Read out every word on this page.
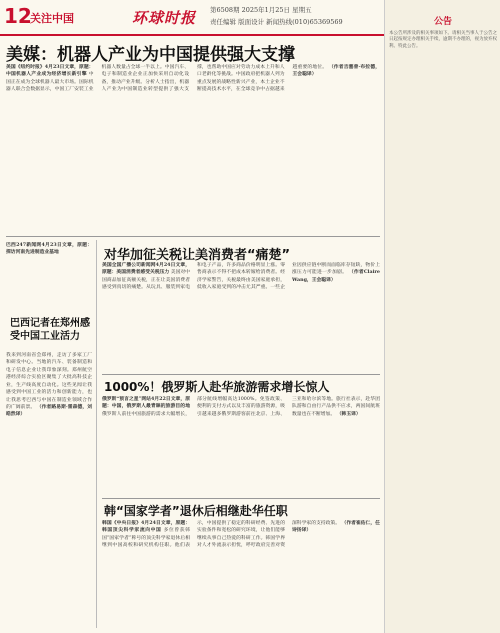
12
关注中国	环球时报 第6508期 2025年1月25日 星期五
责任编辑 版面设计 新闻热线(010)65369569	公告
本公告所涉及的相关事项如下。请相关当事人于公告之日起按规定办理相关手续，逾期不办理的，视为放弃权利。特此公告。
美媒：机器人产业为中国提供强大支撑
美国《纽约时报》4月23日文章，原题：中国机器人产业成为经济增长新引擎 中国正在成为全球机器人最大市场。国际机器人联合会数据显示，中国工厂安装工业机器人数量占全球一半以上。中国汽车、电子和制造业企业正加快采用自动化设备，推动产业升级。分析人士指出，机器人产业为中国制造业转型提供了强大支撑，也帮助中国应对劳动力成本上升和人口老龄化等挑战。中国政府把机器人列为重点发展的战略性新兴产业，本土企业不断提高技术水平，在全球竞争中占据越来越重要的地位。 （作者吉塞普·布拉德，王会聪译）
巴西247新闻网4月23日文章，原题：探访河南先进制造业基地
巴西记者在郑州感受中国工业活力
我来到河南省会郑州，走访了多家工厂和研发中心。当地的汽车、装备制造和电子信息企业让我印象深刻。郑州航空港经济综合实验区聚集了大批高科技企业，生产线高度自动化。这些见闻让我感受到中国工业的活力和创新能力，也让我思考巴西与中国在制造业领域合作的广阔前景。 （作者路易斯·雷森德，刘皓然译）
对华加征关税让美消费者“痛楚”
美国全国广播公司新闻网4月24日文章，原题：美国消费者感受关税压力 美国对中国商品加征高额关税，正在让美国消费者感受到真切的痛楚。从玩具、服装到家电和电子产品，许多商品价格明显上涨。零售商表示不得不把成本转嫁给消费者。经济学家警告，关税最终由美国家庭承担，低收入家庭受到的冲击尤其严重。一些企业因供应链中断而面临库存短缺，物价上涨压力可能进一步加剧。 （作者Claire Wang，王会聪译）
1000%！俄罗斯人赴华旅游需求增长惊人
俄罗斯“预言之星”网站4月22日文章，原题：中国，俄罗斯人最青睐的旅游目的地 俄罗斯人前往中国旅游的需求大幅增长，部分航线增幅高达1000%。免签政策、便利的支付方式以及丰富的旅游资源，吸引越来越多俄罗斯游客前往北京、上海、三亚和哈尔滨等地。旅行社表示，赴华团队游和自由行产品供不应求，两国间航班数量也在不断增加。 （韩玉译）
韩“国家学者”退休后相继赴华任职
韩国《中央日报》4月24日文章，原题：韩国顶尖科学家流向中国 多位曾获韩国“国家学者”称号的顶尖科学家退休后相继到中国高校和研究机构任职。他们表示，中国提供了稳定的科研经费、先进的实验条件和宽松的研究环境，让他们能够继续从事自己热爱的科研工作。韩国学界对人才外流表示担忧，呼吁政府完善对资深科学家的支持政策。 （作者崔佑仁，任诗扬译）
